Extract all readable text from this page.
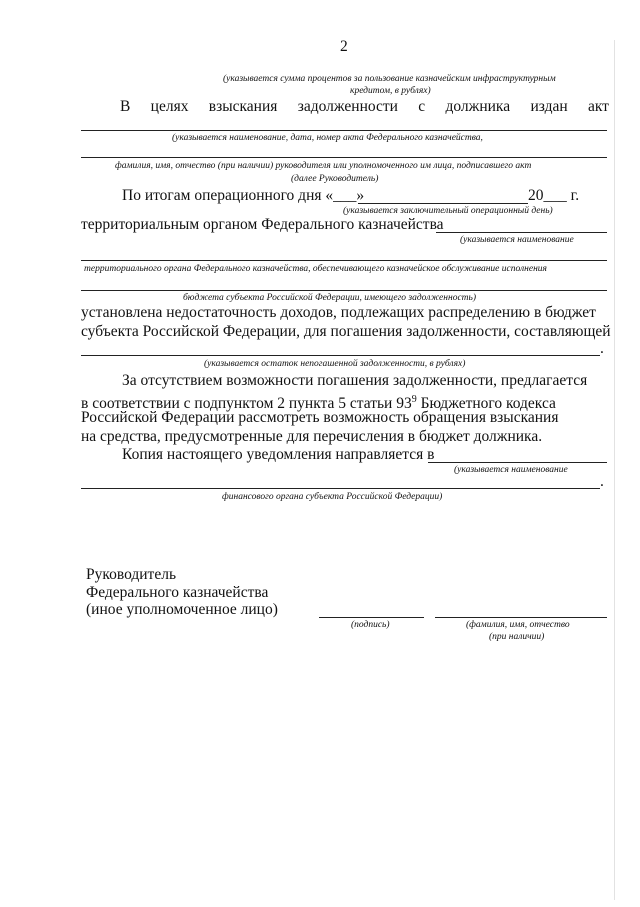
2
(указывается сумма процентов за пользование казначейским инфраструктурным
кредитом, в рублях)
В целях взыскания задолженности с должника издан акт
(указывается наименование, дата, номер акта Федерального казначейства,
фамилия, имя, отчество (при наличии) руководителя или уполномоченного им лица, подписавшего акт
(далее Руководитель)
По итогам операционного дня «___»	20___ г.
(указывается заключительный операционный день)
территориальным органом Федерального казначейства
(указывается наименование
территориального органа Федерального казначейства, обеспечивающего казначейское обслуживание исполнения
бюджета субъекта Российской Федерации, имеющего задолженность)
установлена недостаточность доходов, подлежащих распределению в бюджет
субъекта Российской Федерации, для погашения задолженности, составляющей
.
(указывается остаток непогашенной задолженности, в рублях)
За отсутствием возможности погашения задолженности, предлагается
в соответствии с подпунктом 2 пункта 5 статьи $93^9$ Бюджетного кодекса
Российской Федерации рассмотреть возможность обращения взыскания
на средства, предусмотренные для перечисления в бюджет должника.
Копия настоящего уведомления направляется в
(указывается наименование
.
финансового органа субъекта Российской Федерации)
Руководитель
Федерального казначейства
(иное уполномоченное лицо)
(подпись)	(фамилия, имя, отчество
(при наличии)
